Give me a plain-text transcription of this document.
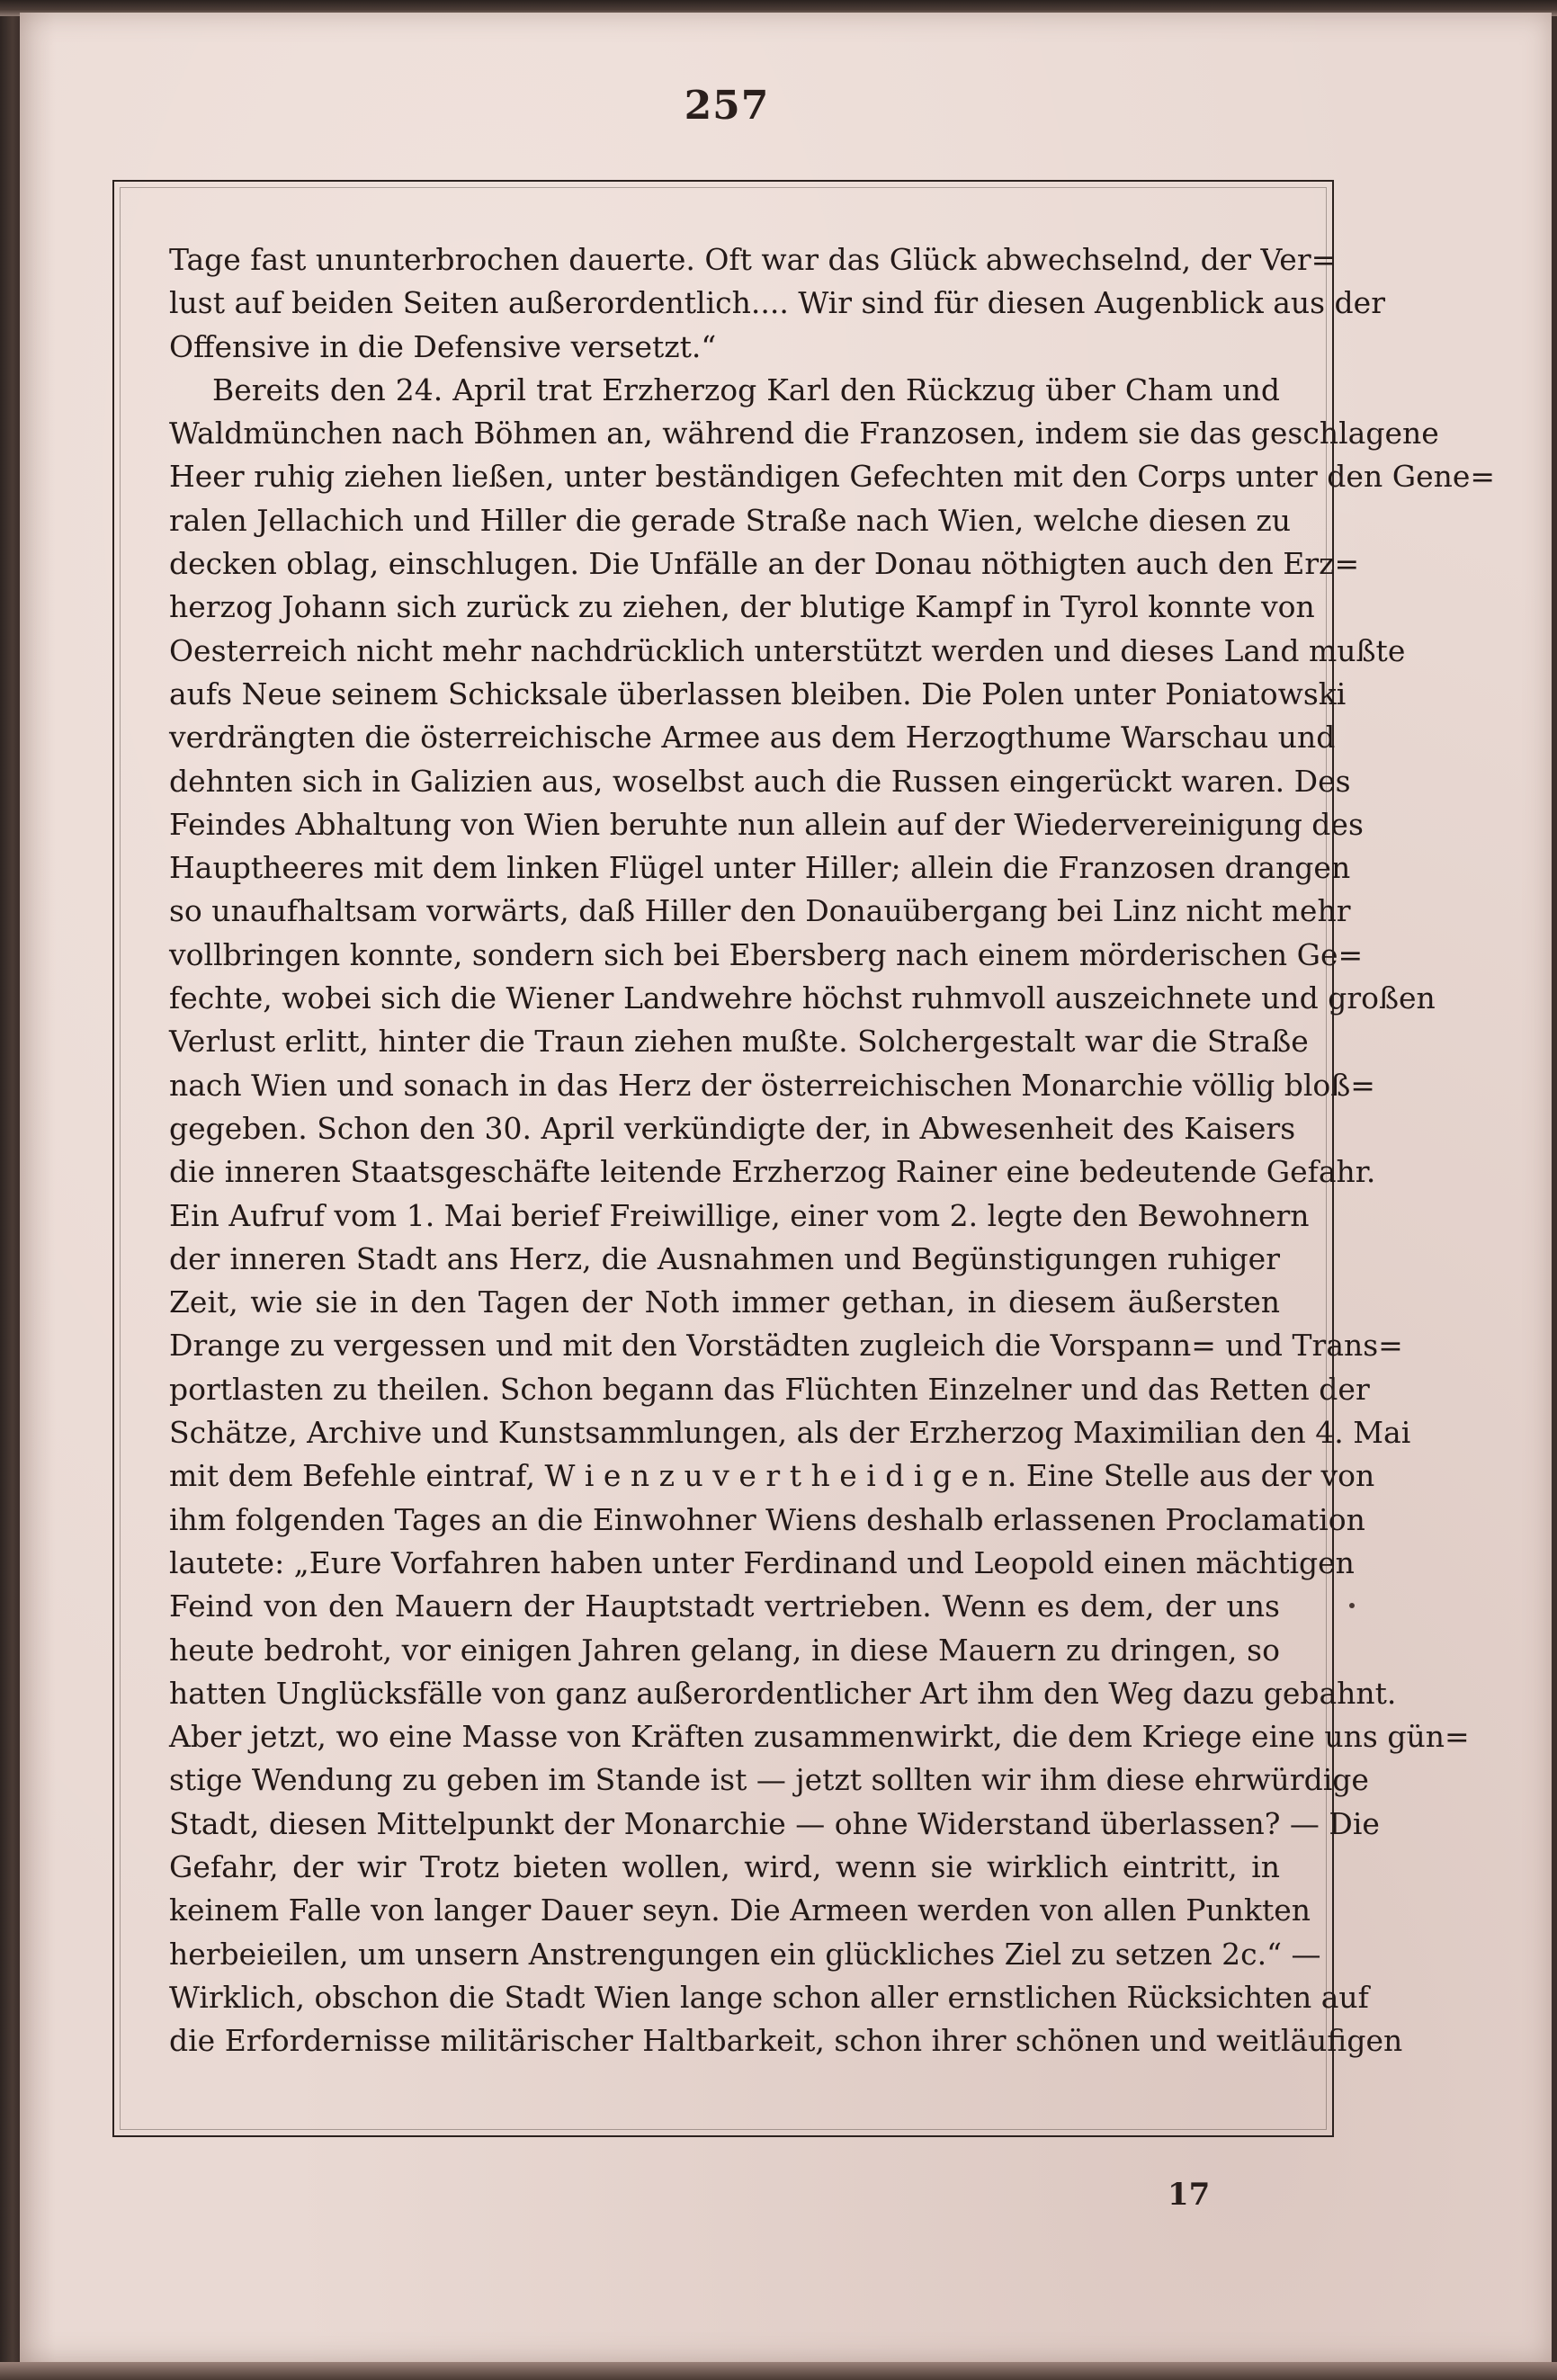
257
Tage fast ununterbrochen dauerte. Oft war das Glück abwechselnd, der Ver=
lust auf beiden Seiten außerordentlich.... Wir sind für diesen Augenblick aus der
Offensive in die Defensive versetzt.“
Bereits den 24. April trat Erzherzog Karl den Rückzug über Cham und
Waldmünchen nach Böhmen an, während die Franzosen, indem sie das geschlagene
Heer ruhig ziehen ließen, unter beständigen Gefechten mit den Corps unter den Gene=
ralen Jellachich und Hiller die gerade Straße nach Wien, welche diesen zu
decken oblag, einschlugen. Die Unfälle an der Donau nöthigten auch den Erz=
herzog Johann sich zurück zu ziehen, der blutige Kampf in Tyrol konnte von
Oesterreich nicht mehr nachdrücklich unterstützt werden und dieses Land mußte
aufs Neue seinem Schicksale überlassen bleiben. Die Polen unter Poniatowski
verdrängten die österreichische Armee aus dem Herzogthume Warschau und
dehnten sich in Galizien aus, woselbst auch die Russen eingerückt waren. Des
Feindes Abhaltung von Wien beruhte nun allein auf der Wiedervereinigung des
Hauptheeres mit dem linken Flügel unter Hiller; allein die Franzosen drangen
so unaufhaltsam vorwärts, daß Hiller den Donauübergang bei Linz nicht mehr
vollbringen konnte, sondern sich bei Ebersberg nach einem mörderischen Ge=
fechte, wobei sich die Wiener Landwehre höchst ruhmvoll auszeichnete und großen
Verlust erlitt, hinter die Traun ziehen mußte. Solchergestalt war die Straße
nach Wien und sonach in das Herz der österreichischen Monarchie völlig bloß=
gegeben. Schon den 30. April verkündigte der, in Abwesenheit des Kaisers
die inneren Staatsgeschäfte leitende Erzherzog Rainer eine bedeutende Gefahr.
Ein Aufruf vom 1. Mai berief Freiwillige, einer vom 2. legte den Bewohnern
der inneren Stadt ans Herz, die Ausnahmen und Begünstigungen ruhiger
Zeit, wie sie in den Tagen der Noth immer gethan, in diesem äußersten
Drange zu vergessen und mit den Vorstädten zugleich die Vorspann= und Trans=
portlasten zu theilen. Schon begann das Flüchten Einzelner und das Retten der
Schätze, Archive und Kunstsammlungen, als der Erzherzog Maximilian den 4. Mai
mit dem Befehle eintraf, W i e n z u v e r t h e i d i g e n. Eine Stelle aus der von
ihm folgenden Tages an die Einwohner Wiens deshalb erlassenen Proclamation
lautete: „Eure Vorfahren haben unter Ferdinand und Leopold einen mächtigen
Feind von den Mauern der Hauptstadt vertrieben. Wenn es dem, der uns
heute bedroht, vor einigen Jahren gelang, in diese Mauern zu dringen, so
hatten Unglücksfälle von ganz außerordentlicher Art ihm den Weg dazu gebahnt.
Aber jetzt, wo eine Masse von Kräften zusammenwirkt, die dem Kriege eine uns gün=
stige Wendung zu geben im Stande ist — jetzt sollten wir ihm diese ehrwürdige
Stadt, diesen Mittelpunkt der Monarchie — ohne Widerstand überlassen? — Die
Gefahr, der wir Trotz bieten wollen, wird, wenn sie wirklich eintritt, in
keinem Falle von langer Dauer seyn. Die Armeen werden von allen Punkten
herbeieilen, um unsern Anstrengungen ein glückliches Ziel zu setzen 2c.“ —
Wirklich, obschon die Stadt Wien lange schon aller ernstlichen Rücksichten auf
die Erfordernisse militärischer Haltbarkeit, schon ihrer schönen und weitläufigen
17
